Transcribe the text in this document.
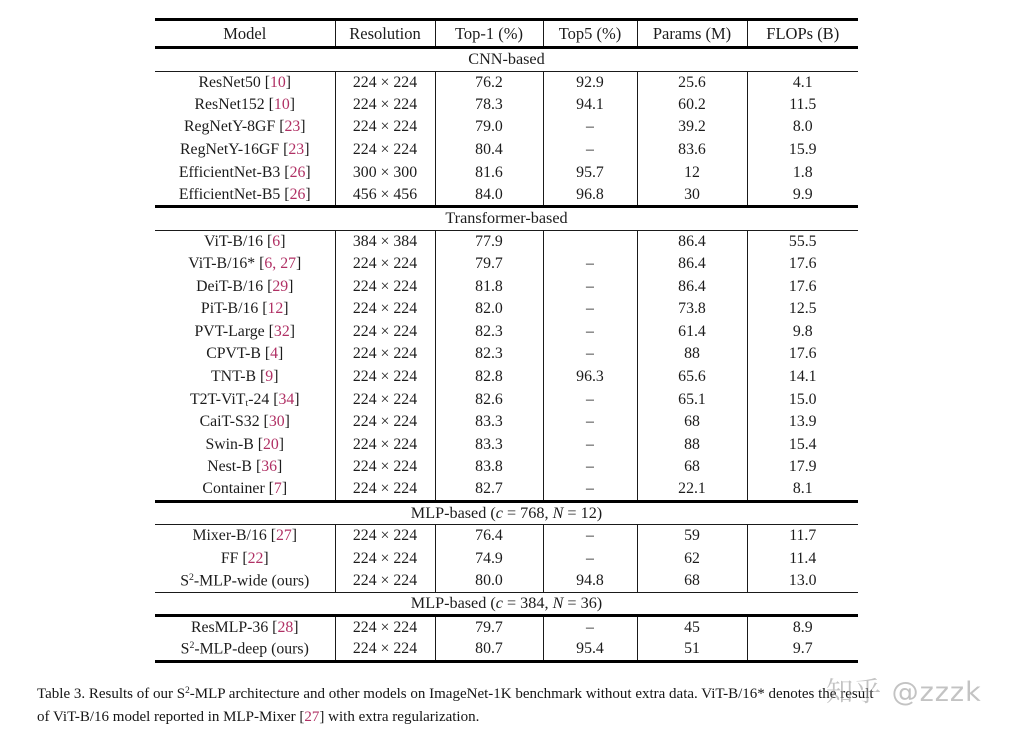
Model	Resolution	Top-1 (%)	Top5 (%)	Params (M)	FLOPs (B)
CNN-based					
ResNet50 [10]	224 × 224	76.2	92.9	25.6	4.1
ResNet152 [10]	224 × 224	78.3	94.1	60.2	11.5
RegNetY-8GF [23]	224 × 224	79.0	–	39.2	8.0
RegNetY-16GF [23]	224 × 224	80.4	–	83.6	15.9
EfficientNet-B3 [26]	300 × 300	81.6	95.7	12	1.8
EfficientNet-B5 [26]	456 × 456	84.0	96.8	30	9.9
Transformer-based					
ViT-B/16 [6]	384 × 384	77.9		86.4	55.5
ViT-B/16* [6, 27]	224 × 224	79.7	–	86.4	17.6
DeiT-B/16 [29]	224 × 224	81.8	–	86.4	17.6
PiT-B/16 [12]	224 × 224	82.0	–	73.8	12.5
PVT-Large [32]	224 × 224	82.3	–	61.4	9.8
CPVT-B [4]	224 × 224	82.3	–	88	17.6
TNT-B [9]	224 × 224	82.8	96.3	65.6	14.1
T2T-ViTt-24 [34]	224 × 224	82.6	–	65.1	15.0
CaiT-S32 [30]	224 × 224	83.3	–	68	13.9
Swin-B [20]	224 × 224	83.3	–	88	15.4
Nest-B [36]	224 × 224	83.8	–	68	17.9
Container [7]	224 × 224	82.7	–	22.1	8.1
MLP-based (c = 768, N = 12)					
Mixer-B/16 [27]	224 × 224	76.4	–	59	11.7
FF [22]	224 × 224	74.9	–	62	11.4
$S^2-MLP$-wide (ours)	224 × 224	80.0	94.8	68	13.0
MLP-based (c = 384, N = 36)					
ResMLP-36 [28]	224 × 224	79.7	–	45	8.9
$S^2-MLP$-deep (ours)	224 × 224	80.7	95.4	51	9.7
Table 3. Results of our $S^2$-MLP architecture and other models on ImageNet-1K benchmark without extra data. ViT-B/16* denotes the result
of ViT-B/16 model reported in MLP-Mixer [27] with extra regularization.
知乎 @zzzk
